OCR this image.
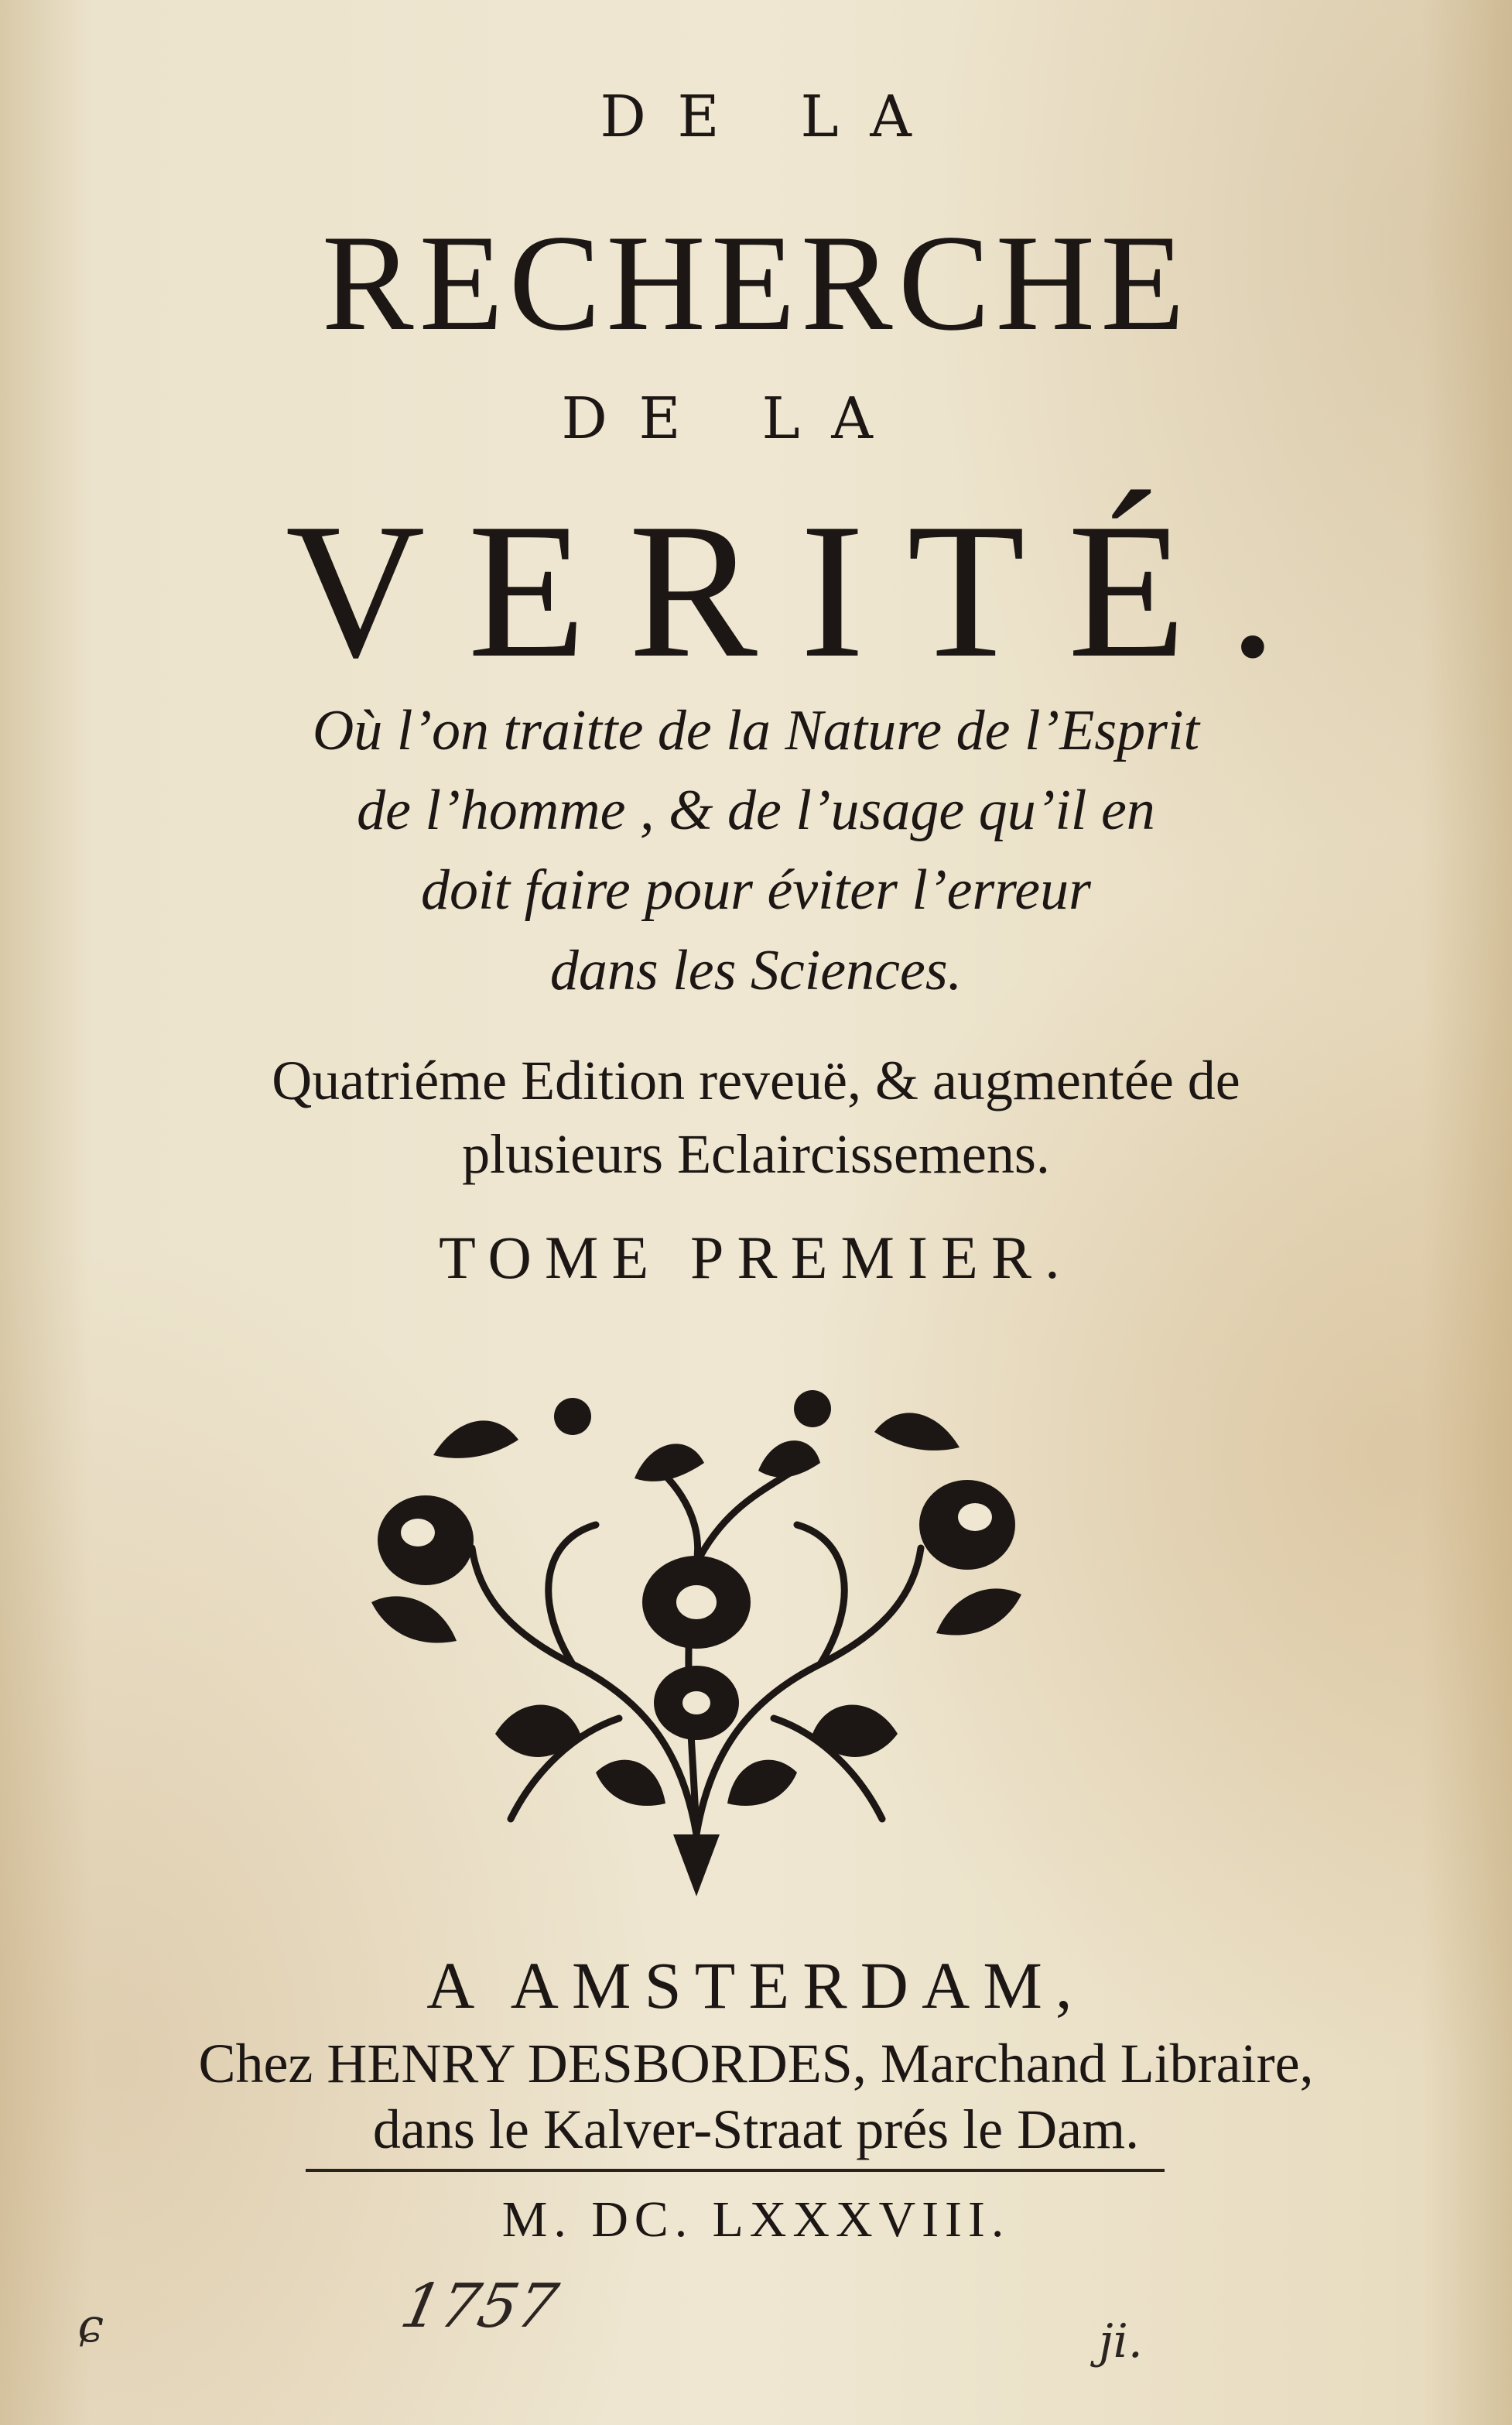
DE LA
RECHERCHE
DE LA
VERITÉ.
Où l’on traitte de la Nature de l’Esprit
de l’homme , & de l’usage qu’il en
doit faire pour éviter l’erreur
dans les Sciences.
Quatriéme Edition reveuë, & augmentée de
plusieurs Eclaircissemens.
TOME PREMIER.
A AMSTERDAM,
Chez HENRY DESBORDES, Marchand Libraire,
dans le Kalver-Straat prés le Dam.
M. DC. LXXXVIII.
1757
ɕ	ji.
